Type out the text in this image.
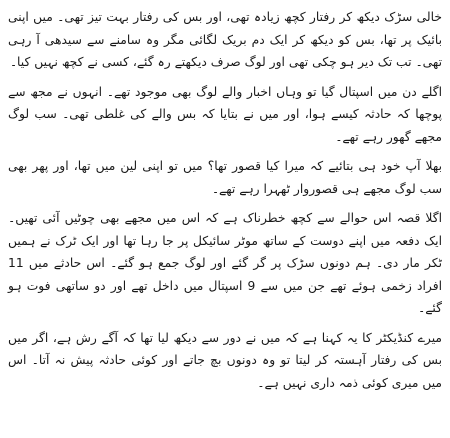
خالی سڑک دیکھ کر رفتار کچھ زیادہ تھی، اور بس کی رفتار بہت تیز تھی۔ میں اپنی بائیک پر تھا، بس کو دیکھ کر ایک دم بریک لگائی مگر وہ سامنے سے سیدھی آ رہی تھی۔ تب تک دیر ہو چکی تھی اور لوگ صرف دیکھتے رہ گئے، کسی نے کچھ نہیں کیا۔

اگلے دن میں اسپتال گیا تو وہاں اخبار والے لوگ بھی موجود تھے۔ انہوں نے مجھ سے پوچھا کہ حادثہ کیسے ہوا، اور میں نے بتایا کہ بس والے کی غلطی تھی۔ سب لوگ مجھے گھور رہے تھے۔

بھلا آپ خود ہی بتائیے کہ میرا کیا قصور تھا؟ میں تو اپنی لین میں تھا، اور پھر بھی سب لوگ مجھے ہی قصوروار ٹھہرا رہے تھے۔

اگلا قصہ اس حوالے سے کچھ خطرناک ہے کہ اس میں مجھے بھی چوٹیں آئی تھیں۔ ایک دفعہ میں اپنے دوست کے ساتھ موٹر سائیکل پر جا رہا تھا اور ایک ٹرک نے ہمیں ٹکر مار دی۔ ہم دونوں سڑک پر گر گئے اور لوگ جمع ہو گئے۔ اس حادثے میں 11 افراد زخمی ہوئے تھے جن میں سے 9 اسپتال میں داخل تھے اور دو ساتھی فوت ہو گئے۔

میرے کنڈیکٹر کا یہ کہنا ہے کہ میں نے دور سے دیکھ لیا تھا کہ آگے رش ہے، اگر میں بس کی رفتار آہستہ کر لیتا تو وہ دونوں بچ جاتے اور کوئی حادثہ پیش نہ آتا۔ اس میں میری کوئی ذمہ داری نہیں ہے۔
